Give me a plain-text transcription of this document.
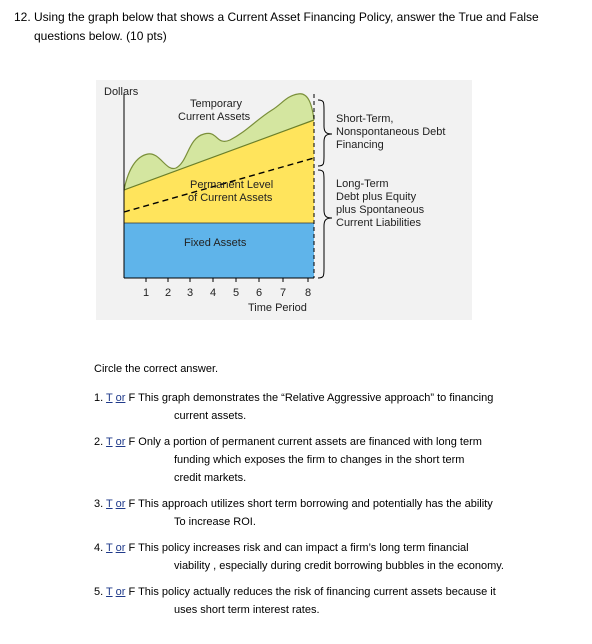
12. Using the graph below that shows a Current Asset Financing Policy, answer the True and False
questions below. (10 pts)
Dollars
Temporary
Current Assets
Permanent Level
of Current Assets
Fixed Assets
1 2 3 4 5 6 7 8
Time Period
Short-Term,
Nonspontaneous Debt
Financing
Long-Term
Debt plus Equity
plus Spontaneous
Current Liabilities
Circle the correct answer.
1. T or F This graph demonstrates the “Relative Aggressive approach” to financing
current assets.
2. T or F Only a portion of permanent current assets are financed with long term
funding which exposes the firm to changes in the short term
credit markets.
3. T or F This approach utilizes short term borrowing and potentially has the ability
To increase ROI.
4. T or F This policy increases risk and can impact a firm’s long term financial
viability , especially during credit borrowing bubbles in the economy.
5. T or F This policy actually reduces the risk of financing current assets because it
uses short term interest rates.
